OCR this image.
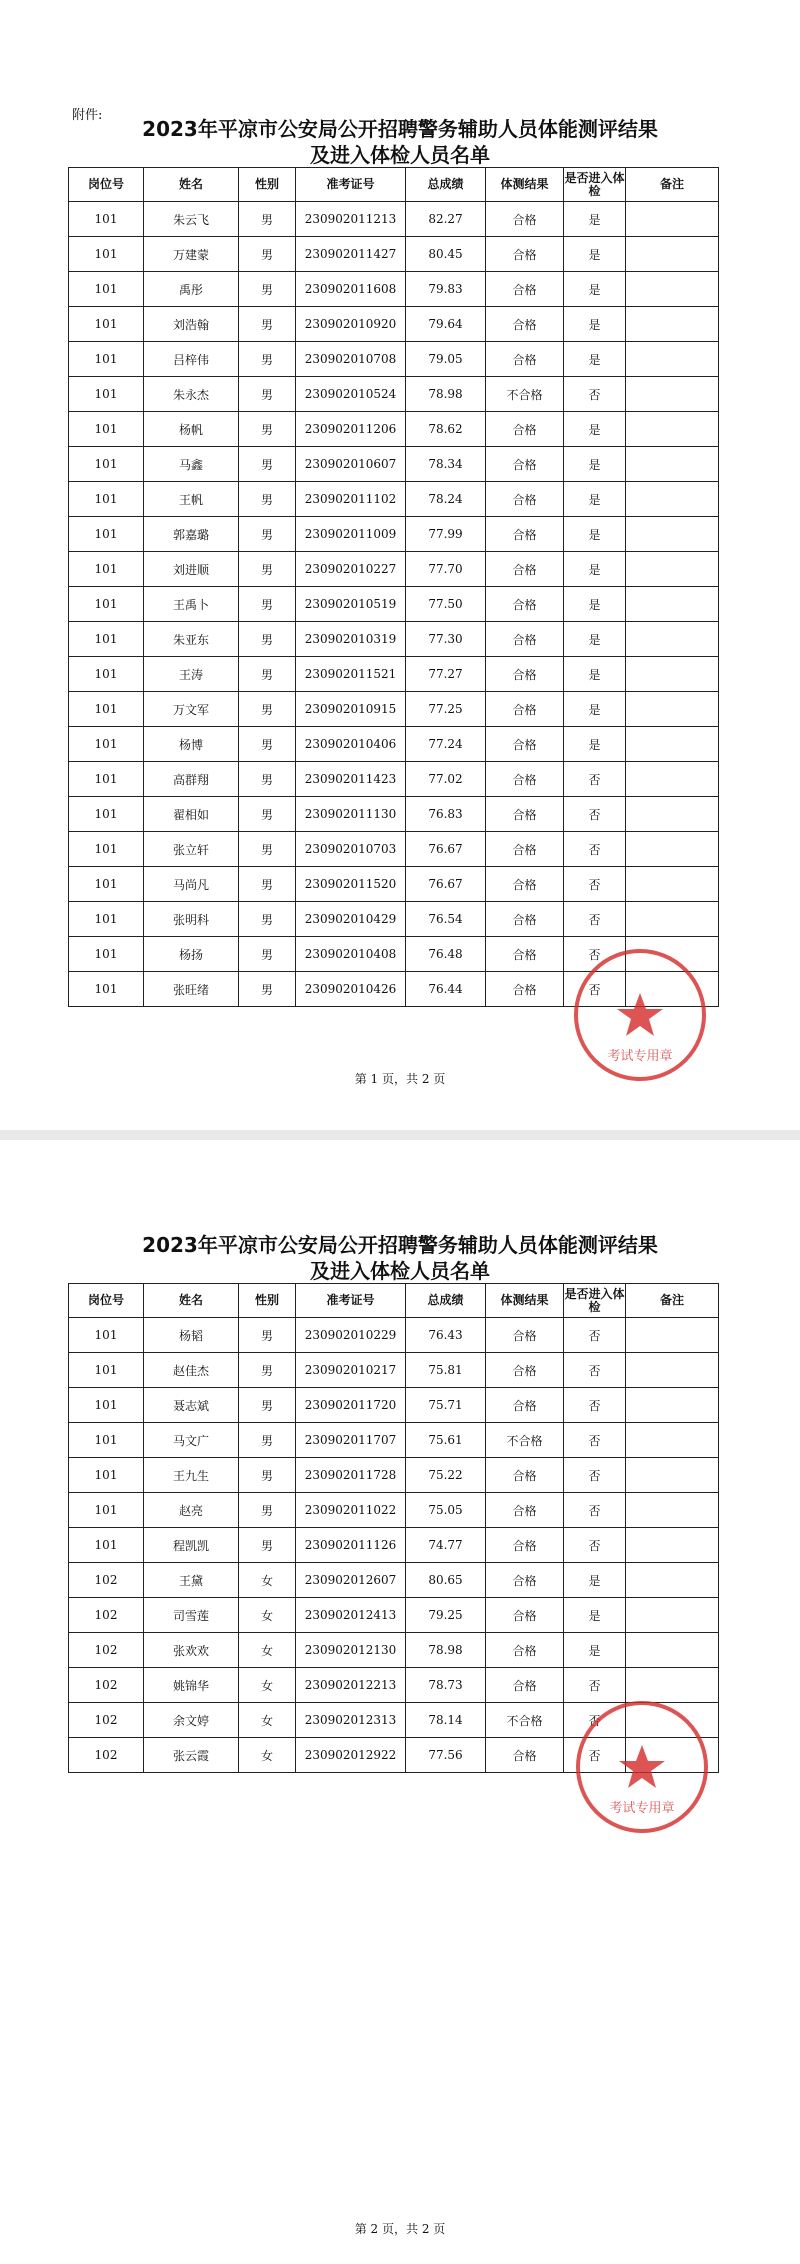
附件:
2023年平凉市公安局公开招聘警务辅助人员体能测评结果
及进入体检人员名单
岗位号	姓名	性别	准考证号	总成绩	体测结果	是否进入体检	备注
101	朱云飞	男	230902011213	82.27	合格	是	
101	万建蒙	男	230902011427	80.45	合格	是	
101	禹彤	男	230902011608	79.83	合格	是	
101	刘浩翰	男	230902010920	79.64	合格	是	
101	吕梓伟	男	230902010708	79.05	合格	是	
101	朱永杰	男	230902010524	78.98	不合格	否	
101	杨帆	男	230902011206	78.62	合格	是	
101	马鑫	男	230902010607	78.34	合格	是	
101	王帆	男	230902011102	78.24	合格	是	
101	郭嘉璐	男	230902011009	77.99	合格	是	
101	刘进顺	男	230902010227	77.70	合格	是	
101	王禹卜	男	230902010519	77.50	合格	是	
101	朱亚东	男	230902010319	77.30	合格	是	
101	王涛	男	230902011521	77.27	合格	是	
101	万文军	男	230902010915	77.25	合格	是	
101	杨博	男	230902010406	77.24	合格	是	
101	高群翔	男	230902011423	77.02	合格	否	
101	翟相如	男	230902011130	76.83	合格	否	
101	张立轩	男	230902010703	76.67	合格	否	
101	马尚凡	男	230902011520	76.67	合格	否	
101	张明科	男	230902010429	76.54	合格	否	
101	杨扬	男	230902010408	76.48	合格	否	
101	张旺绪	男	230902010426	76.44	合格	否	
考试专用章
第 1 页，共 2 页
2023年平凉市公安局公开招聘警务辅助人员体能测评结果
及进入体检人员名单
岗位号	姓名	性别	准考证号	总成绩	体测结果	是否进入体检	备注
101	杨韬	男	230902010229	76.43	合格	否	
101	赵佳杰	男	230902010217	75.81	合格	否	
101	聂志斌	男	230902011720	75.71	合格	否	
101	马文广	男	230902011707	75.61	不合格	否	
101	王九生	男	230902011728	75.22	合格	否	
101	赵亮	男	230902011022	75.05	合格	否	
101	程凯凯	男	230902011126	74.77	合格	否	
102	王黛	女	230902012607	80.65	合格	是	
102	司雪莲	女	230902012413	79.25	合格	是	
102	张欢欢	女	230902012130	78.98	合格	是	
102	姚锦华	女	230902012213	78.73	合格	否	
102	余文婷	女	230902012313	78.14	不合格	否	
102	张云霞	女	230902012922	77.56	合格	否	
考试专用章
第 2 页，共 2 页
